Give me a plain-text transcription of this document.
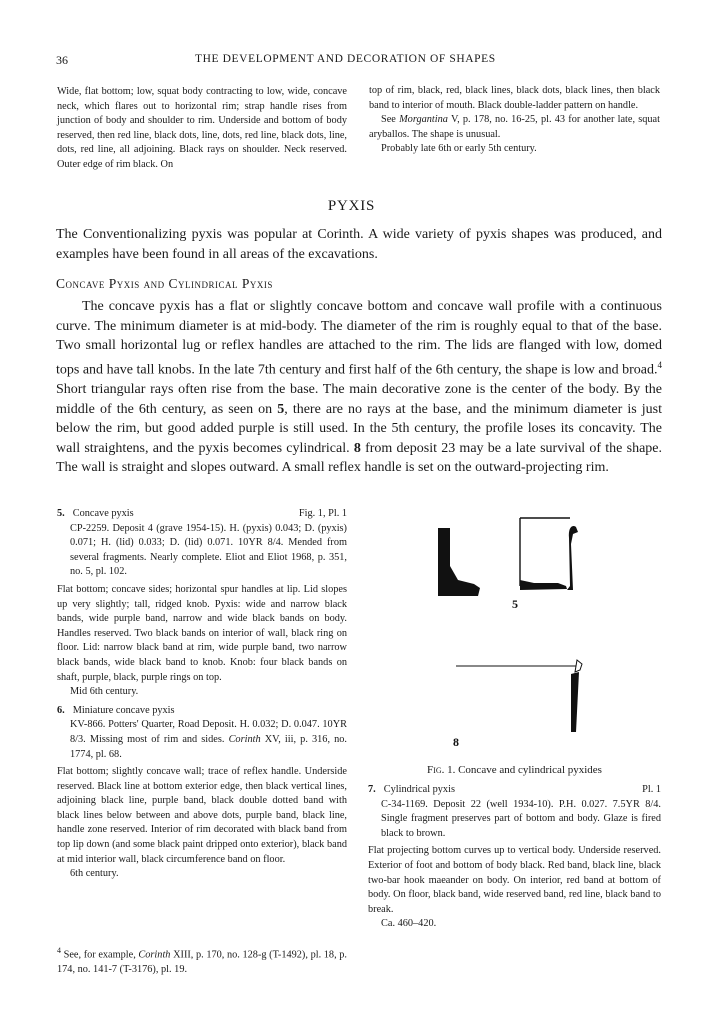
36	THE DEVELOPMENT AND DECORATION OF SHAPES

Wide, flat bottom; low, squat body contracting to low, wide, concave neck, which flares out to horizontal rim; strap handle rises from junction of body and shoulder to rim. Underside and bottom of body reserved, then red line, black dots, line, dots, red line, black dots, line, dots, red line, all adjoining. Black rays on shoulder. Neck reserved. Outer edge of rim black. On

top of rim, black, red, black lines, black dots, black lines, then black band to interior of mouth. Black double-ladder pattern on handle.

See Morgantina V, p. 178, no. 16-25, pl. 43 for another late, squat aryballos. The shape is unusual.

Probably late 6th or early 5th century.

PYXIS

The Conventionalizing pyxis was popular at Corinth. A wide variety of pyxis shapes was produced, and examples have been found in all areas of the excavations.

Concave Pyxis and Cylindrical Pyxis

The concave pyxis has a flat or slightly concave bottom and concave wall profile with a continuous curve. The minimum diameter is at mid-body. The diameter of the rim is roughly equal to that of the base. Two small horizontal lug or reflex handles are attached to the rim. The lids are flanged with low, domed tops and have tall knobs. In the late 7th century and first half of the 6th century, the shape is low and broad.$^4$ Short triangular rays often rise from the base. The main decorative zone is the center of the body. By the middle of the 6th century, as seen on 5, there are no rays at the base, and the minimum diameter is just below the rim, but good added purple is still used. In the 5th century, the profile loses its concavity. The wall straightens, and the pyxis becomes cylindrical. 8 from deposit 23 may be a late survival of the shape. The wall is straight and slopes outward. A small reflex handle is set on the outward-projecting rim.

5. Concave pyxis	Fig. 1, Pl. 1
CP-2259. Deposit 4 (grave 1954-15). H. (pyxis) 0.043; D. (pyxis) 0.071; H. (lid) 0.033; D. (lid) 0.071. 10YR 8/4. Mended from several fragments. Nearly complete. Eliot and Eliot 1968, p. 351, no. 5, pl. 102.
Flat bottom; concave sides; horizontal spur handles at lip. Lid slopes up very slightly; tall, ridged knob. Pyxis: wide and narrow black bands, wide purple band, narrow and wide black bands on body. Handles reserved. Two black bands on interior of wall, black ring on floor. Lid: narrow black band at rim, wide purple band, two narrow black bands, wide black band to knob. Knob: four black bands on shaft, purple, black, purple rings on top.
Mid 6th century.
6. Miniature concave pyxis
KV-866. Potters' Quarter, Road Deposit. H. 0.032; D. 0.047. 10YR 8/3. Missing most of rim and sides. Corinth XV, iii, p. 316, no. 1774, pl. 68.
Flat bottom; slightly concave wall; trace of reflex handle. Underside reserved. Black line at bottom exterior edge, then black vertical lines, adjoining black line, purple band, black double dotted band with black lines below between and above dots, purple band, black line, handle zone reserved. Interior of rim decorated with black band from top lip down (and some black paint dripped onto exterior), black band at mid interior wall, black circumference band on floor.
6th century.
5
8
Fig. 1. Concave and cylindrical pyxides
7. Cylindrical pyxis	Pl. 1
C-34-1169. Deposit 22 (well 1934-10). P.H. 0.027. 7.5YR 8/4. Single fragment preserves part of bottom and body. Glaze is fired black to brown.
Flat projecting bottom curves up to vertical body. Underside reserved. Exterior of foot and bottom of body black. Red band, black line, black two-bar hook maeander on body. On interior, red band at bottom of body. On floor, black band, wide reserved band, red line, black band to break.
Ca. 460–420.
$^4$ See, for example, Corinth XIII, p. 170, no. 128-g (T-1492), pl. 18, p. 174, no. 141-7 (T-3176), pl. 19.
